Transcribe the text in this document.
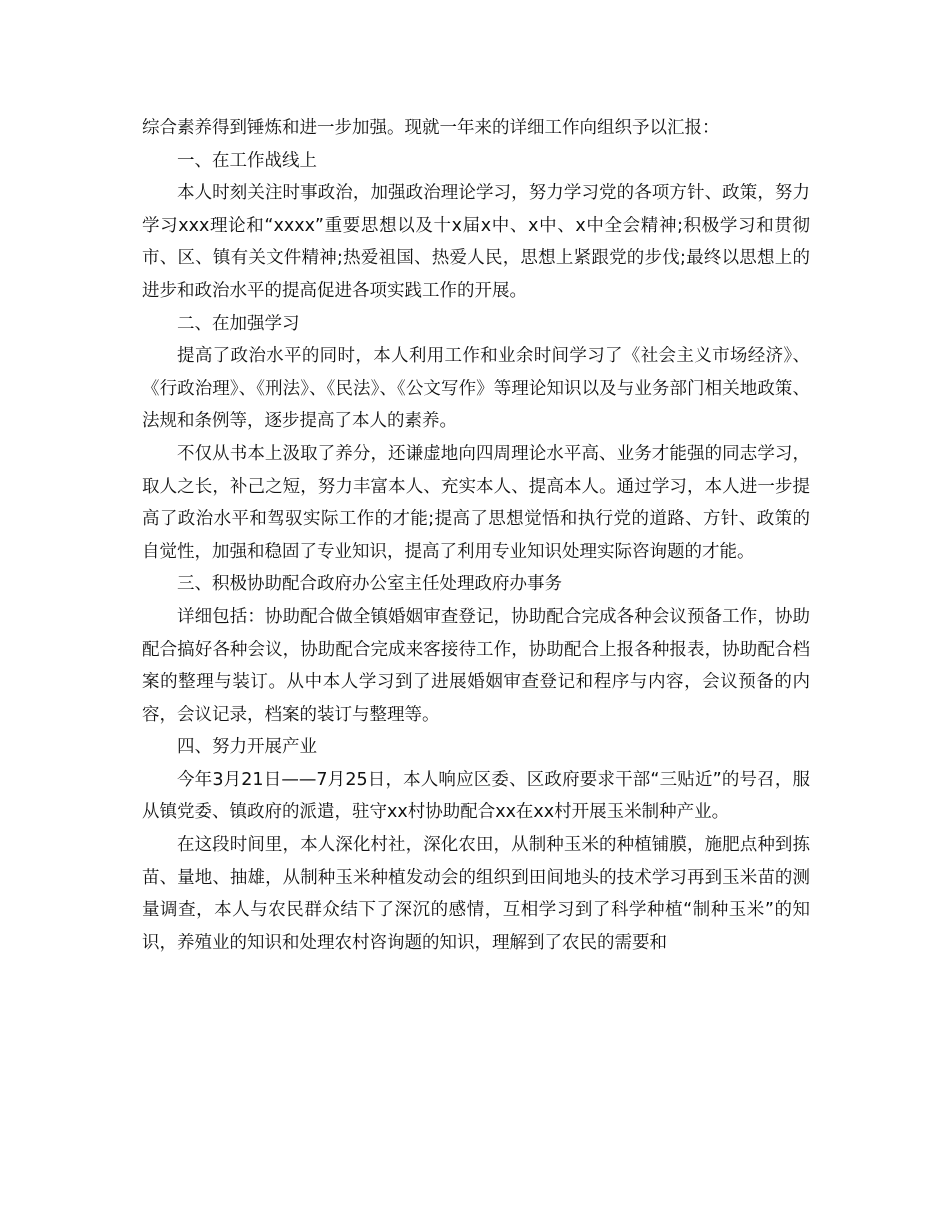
综合素养得到锤炼和进一步加强。现就一年来的详细工作向组织予以汇报：

一、在工作战线上

本人时刻关注时事政治，加强政治理论学习，努力学习党的各项方针、政策，努力学习xxx理论和“xxxx”重要思想以及十x届x中、x中、x中全会精神;积极学习和贯彻市、区、镇有关文件精神;热爱祖国、热爱人民，思想上紧跟党的步伐;最终以思想上的进步和政治水平的提高促进各项实践工作的开展。

二、在加强学习

提高了政治水平的同时，本人利用工作和业余时间学习了《社会主义市场经济》、《行政治理》、《刑法》、《民法》、《公文写作》等理论知识以及与业务部门相关地政策、法规和条例等，逐步提高了本人的素养。

不仅从书本上汲取了养分，还谦虚地向四周理论水平高、业务才能强的同志学习，取人之长，补己之短，努力丰富本人、充实本人、提高本人。通过学习，本人进一步提高了政治水平和驾驭实际工作的才能;提高了思想觉悟和执行党的道路、方针、政策的自觉性，加强和稳固了专业知识，提高了利用专业知识处理实际咨询题的才能。

三、积极协助配合政府办公室主任处理政府办事务

详细包括：协助配合做全镇婚姻审查登记，协助配合完成各种会议预备工作，协助配合搞好各种会议，协助配合完成来客接待工作，协助配合上报各种报表，协助配合档案的整理与装订。从中本人学习到了进展婚姻审查登记和程序与内容，会议预备的内容，会议记录，档案的装订与整理等。

四、努力开展产业

今年3月21日——7月25日，本人响应区委、区政府要求干部“三贴近”的号召，服从镇党委、镇政府的派遣，驻守xx村协助配合xx在xx村开展玉米制种产业。

在这段时间里，本人深化村社，深化农田，从制种玉米的种植铺膜，施肥点种到拣苗、量地、抽雄，从制种玉米种植发动会的组织到田间地头的技术学习再到玉米苗的测量调查，本人与农民群众结下了深沉的感情，互相学习到了科学种植“制种玉米”的知识，养殖业的知识和处理农村咨询题的知识，理解到了农民的需要和
